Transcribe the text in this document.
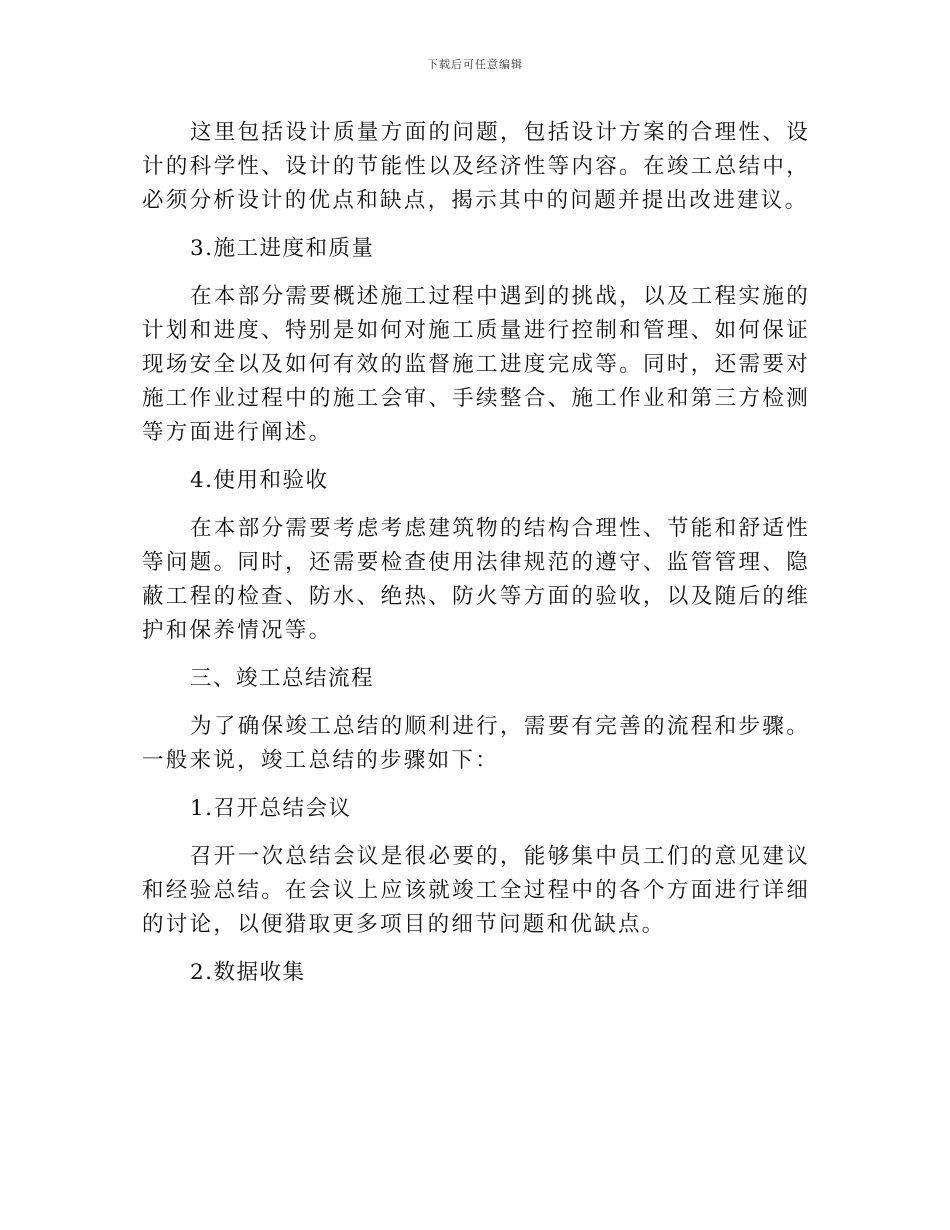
下载后可任意编辑

这里包括设计质量方面的问题，包括设计方案的合理性、设计的科学性、设计的节能性以及经济性等内容。在竣工总结中，必须分析设计的优点和缺点，揭示其中的问题并提出改进建议。

3.施工进度和质量

在本部分需要概述施工过程中遇到的挑战，以及工程实施的计划和进度、特别是如何对施工质量进行控制和管理、如何保证现场安全以及如何有效的监督施工进度完成等。同时，还需要对施工作业过程中的施工会审、手续整合、施工作业和第三方检测等方面进行阐述。

4.使用和验收

在本部分需要考虑考虑建筑物的结构合理性、节能和舒适性等问题。同时，还需要检查使用法律规范的遵守、监管管理、隐蔽工程的检查、防水、绝热、防火等方面的验收，以及随后的维护和保养情况等。

三、竣工总结流程

为了确保竣工总结的顺利进行，需要有完善的流程和步骤。一般来说，竣工总结的步骤如下：

1.召开总结会议

召开一次总结会议是很必要的，能够集中员工们的意见建议和经验总结。在会议上应该就竣工全过程中的各个方面进行详细的讨论，以便猎取更多项目的细节问题和优缺点。

2.数据收集
